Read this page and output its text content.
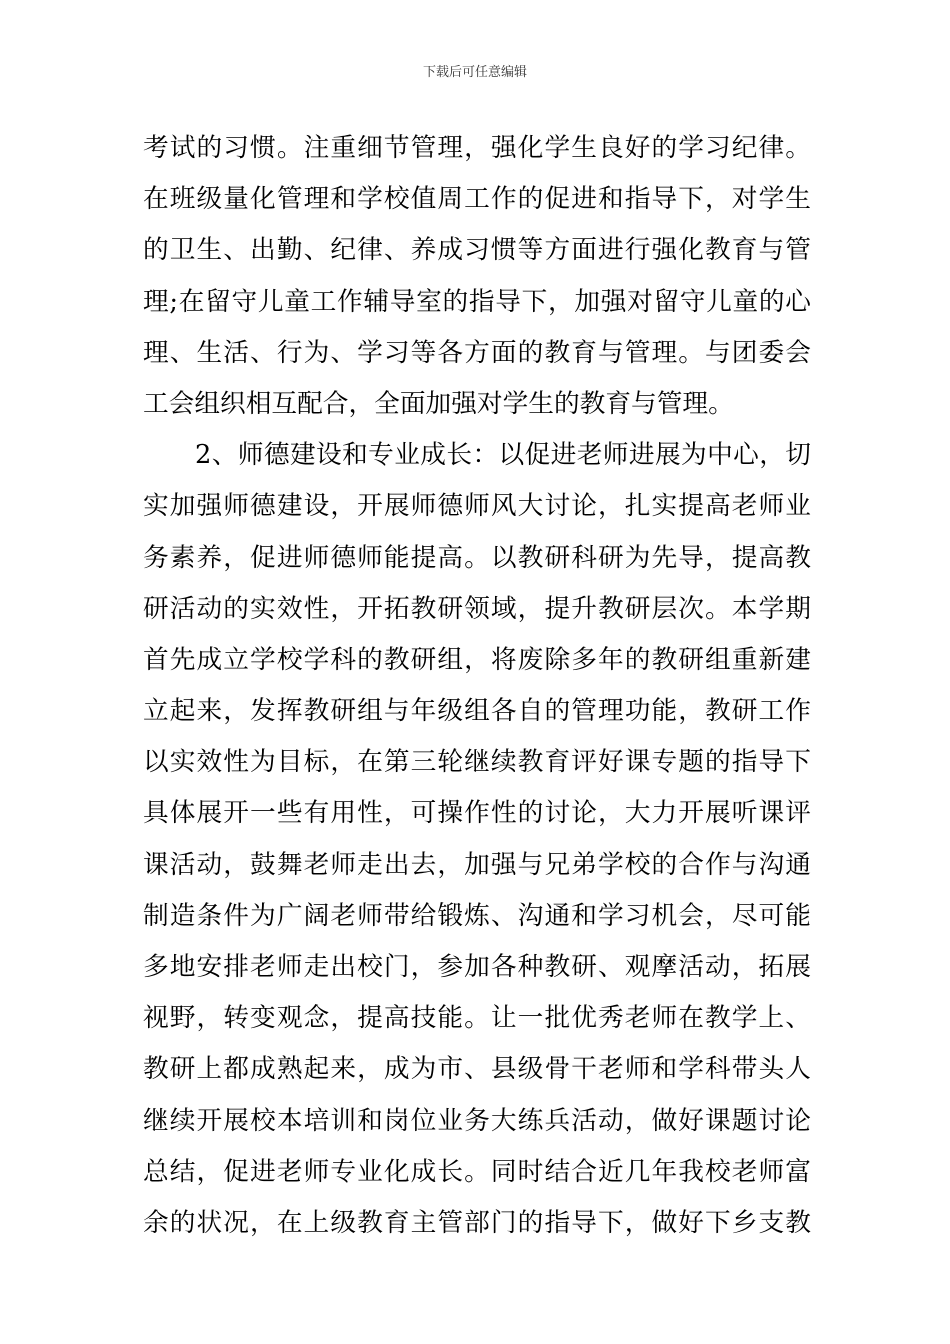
下载后可任意编辑
考试的习惯。注重细节管理，强化学生良好的学习纪律。
在班级量化管理和学校值周工作的促进和指导下，对学生
的卫生、出勤、纪律、养成习惯等方面进行强化教育与管
理;在留守儿童工作辅导室的指导下，加强对留守儿童的心
理、生活、行为、学习等各方面的教育与管理。与团委会
工会组织相互配合，全面加强对学生的教育与管理。
2、师德建设和专业成长：以促进老师进展为中心，切
实加强师德建设，开展师德师风大讨论，扎实提高老师业
务素养，促进师德师能提高。以教研科研为先导，提高教
研活动的实效性，开拓教研领域，提升教研层次。本学期
首先成立学校学科的教研组，将废除多年的教研组重新建
立起来，发挥教研组与年级组各自的管理功能，教研工作
以实效性为目标，在第三轮继续教育评好课专题的指导下
具体展开一些有用性，可操作性的讨论，大力开展听课评
课活动，鼓舞老师走出去，加强与兄弟学校的合作与沟通
制造条件为广阔老师带给锻炼、沟通和学习机会，尽可能
多地安排老师走出校门，参加各种教研、观摩活动，拓展
视野，转变观念，提高技能。让一批优秀老师在教学上、
教研上都成熟起来，成为市、县级骨干老师和学科带头人
继续开展校本培训和岗位业务大练兵活动，做好课题讨论
总结，促进老师专业化成长。同时结合近几年我校老师富
余的状况，在上级教育主管部门的指导下，做好下乡支教
